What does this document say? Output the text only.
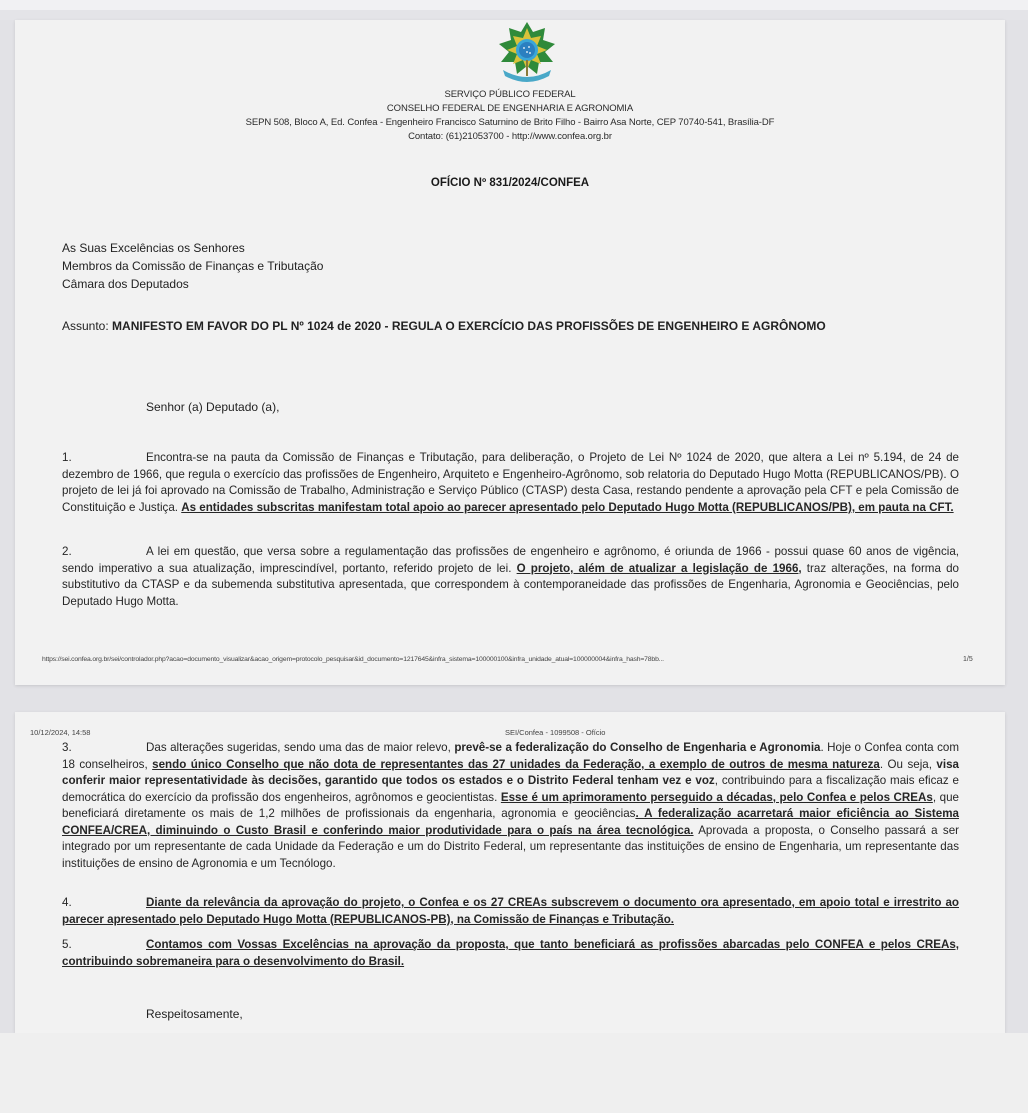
SERVIÇO PÚBLICO FEDERAL
CONSELHO FEDERAL DE ENGENHARIA E AGRONOMIA
SEPN 508, Bloco A, Ed. Confea - Engenheiro Francisco Saturnino de Brito Filho - Bairro Asa Norte, CEP 70740-541, Brasília-DF
Contato: (61)21053700 - http://www.confea.org.br
OFÍCIO Nº 831/2024/CONFEA
As Suas Excelências os Senhores
Membros da Comissão de Finanças e Tributação
Câmara dos Deputados
Assunto: MANIFESTO EM FAVOR DO PL Nº 1024 de 2020 - REGULA O EXERCÍCIO DAS PROFISSÕES DE ENGENHEIRO E AGRÔNOMO
Senhor (a) Deputado (a),
1.	Encontra-se na pauta da Comissão de Finanças e Tributação, para deliberação, o Projeto de Lei Nº 1024 de 2020, que altera a Lei nº 5.194, de 24 de dezembro de 1966, que regula o exercício das profissões de Engenheiro, Arquiteto e Engenheiro-Agrônomo, sob relatoria do Deputado Hugo Motta (REPUBLICANOS/PB). O projeto de lei já foi aprovado na Comissão de Trabalho, Administração e Serviço Público (CTASP) desta Casa, restando pendente a aprovação pela CFT e pela Comissão de Constituição e Justiça. As entidades subscritas manifestam total apoio ao parecer apresentado pelo Deputado Hugo Motta (REPUBLICANOS/PB), em pauta na CFT.
2.	A lei em questão, que versa sobre a regulamentação das profissões de engenheiro e agrônomo, é oriunda de 1966 - possui quase 60 anos de vigência, sendo imperativo a sua atualização, imprescindível, portanto, referido projeto de lei. O projeto, além de atualizar a legislação de 1966, traz alterações, na forma do substitutivo da CTASP e da subemenda substitutiva apresentada, que correspondem à contemporaneidade das profissões de Engenharia, Agronomia e Geociências, pelo Deputado Hugo Motta.
https://sei.confea.org.br/sei/controlador.php?acao=documento_visualizar&acao_origem=protocolo_pesquisar&id_documento=1217645&infra_sistema=100000100&infra_unidade_atual=100000004&infra_hash=78bb...	1/5
10/12/2024, 14:58	SEI/Confea - 1099508 - Ofício
3.	Das alterações sugeridas, sendo uma das de maior relevo, prevê-se a federalização do Conselho de Engenharia e Agronomia. Hoje o Confea conta com 18 conselheiros, sendo único Conselho que não dota de representantes das 27 unidades da Federação, a exemplo de outros de mesma natureza. Ou seja, visa conferir maior representatividade às decisões, garantido que todos os estados e o Distrito Federal tenham vez e voz, contribuindo para a fiscalização mais eficaz e democrática do exercício da profissão dos engenheiros, agrônomos e geocientistas. Esse é um aprimoramento perseguido a décadas, pelo Confea e pelos CREAs, que beneficiará diretamente os mais de 1,2 milhões de profissionais da engenharia, agronomia e geociências. A federalização acarretará maior eficiência ao Sistema CONFEA/CREA, diminuindo o Custo Brasil e conferindo maior produtividade para o país na área tecnológica. Aprovada a proposta, o Conselho passará a ser integrado por um representante de cada Unidade da Federação e um do Distrito Federal, um representante das instituições de ensino de Engenharia, um representante das instituições de ensino de Agronomia e um Tecnólogo.
4.	Diante da relevância da aprovação do projeto, o Confea e os 27 CREAs subscrevem o documento ora apresentado, em apoio total e irrestrito ao parecer apresentado pelo Deputado Hugo Motta (REPUBLICANOS-PB), na Comissão de Finanças e Tributação.
5.	Contamos com Vossas Excelências na aprovação da proposta, que tanto beneficiará as profissões abarcadas pelo CONFEA e pelos CREAs, contribuindo sobremaneira para o desenvolvimento do Brasil.
Respeitosamente,
